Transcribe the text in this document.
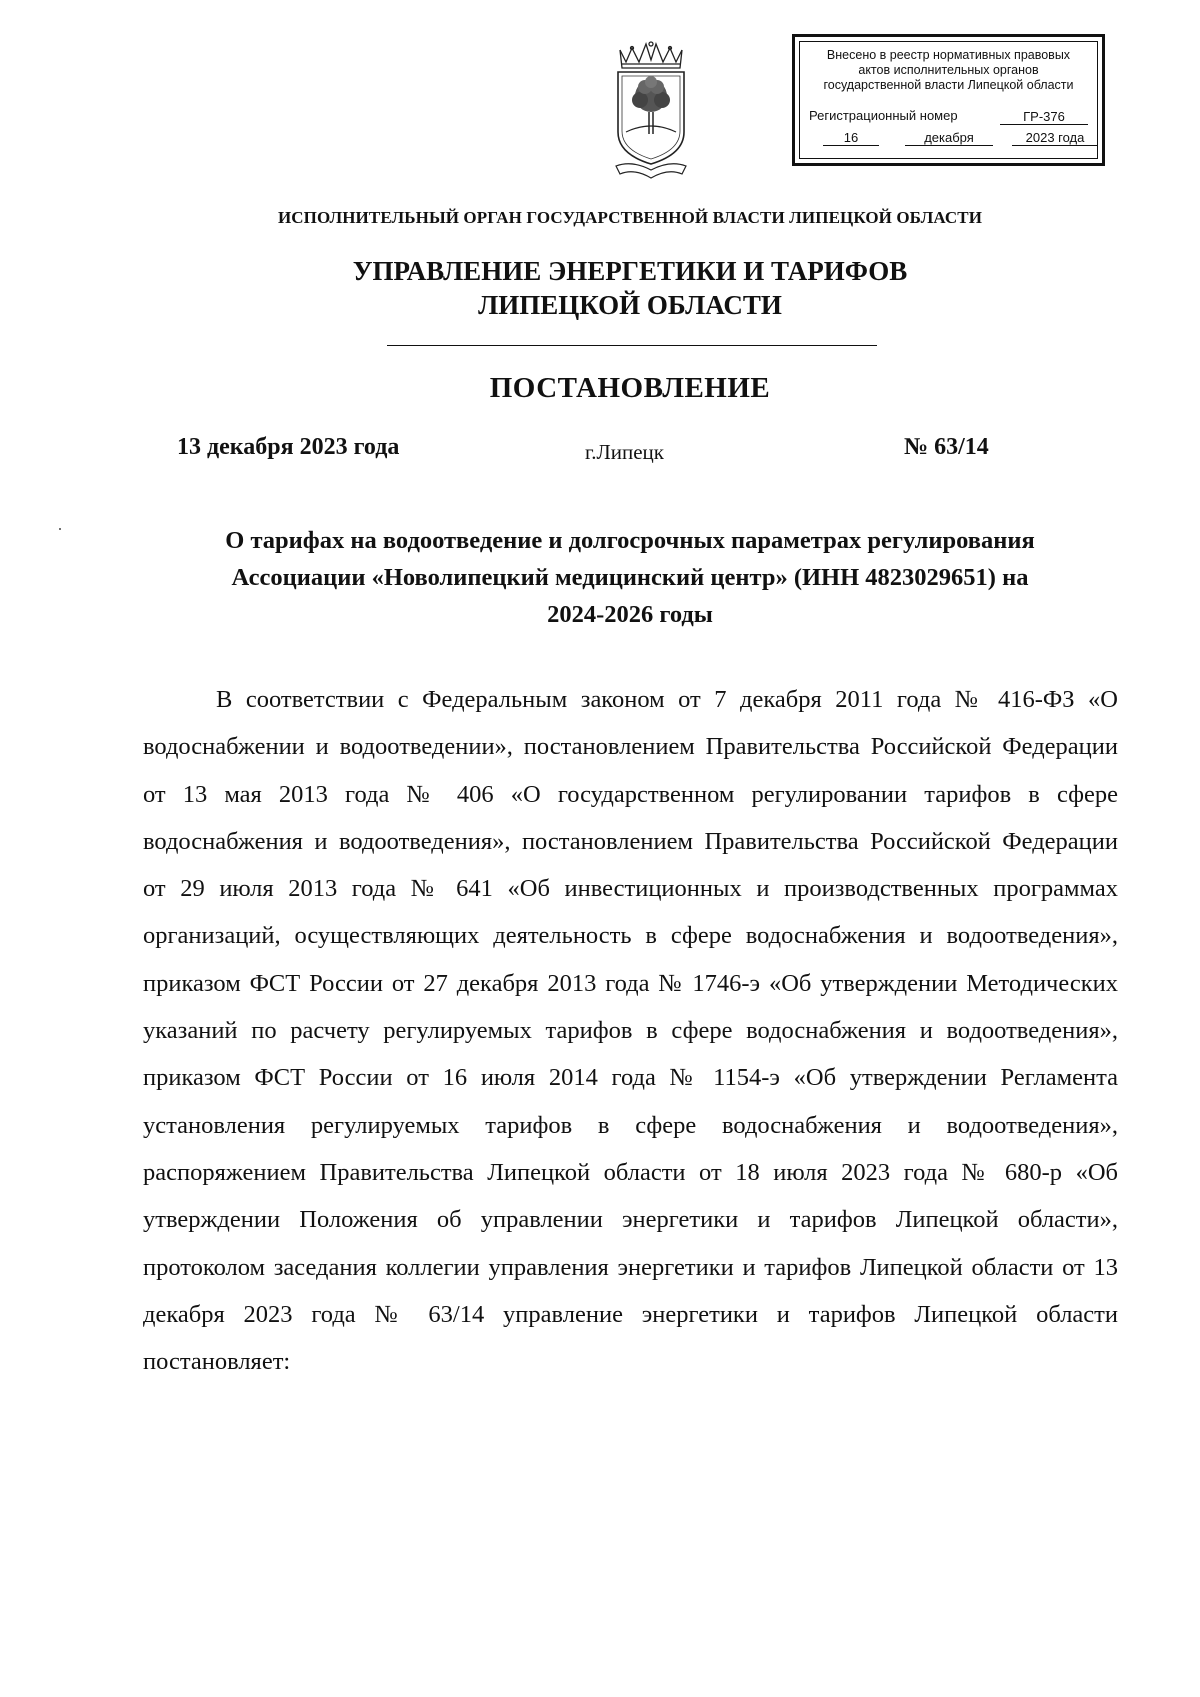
Внесено в реестр нормативных правовых
актов исполнительных органов
государственной власти Липецкой области
Регистрационный номер	ГР-376
16	декабря	2023 года
ИСПОЛНИТЕЛЬНЫЙ ОРГАН ГОСУДАРСТВЕННОЙ ВЛАСТИ ЛИПЕЦКОЙ ОБЛАСТИ
УПРАВЛЕНИЕ ЭНЕРГЕТИКИ И ТАРИФОВ
ЛИПЕЦКОЙ ОБЛАСТИ
ПОСТАНОВЛЕНИЕ
13 декабря 2023 года	г.Липецк	№ 63/14
О тарифах на водоотведение и долгосрочных параметрах регулирования
Ассоциации «Новолипецкий медицинский центр» (ИНН 4823029651) на
2024-2026 годы
В соответствии с Федеральным законом от 7 декабря 2011 года № 416-ФЗ «О водоснабжении и водоотведении», постановлением Правительства Российской Федерации от 13 мая 2013 года № 406 «О государственном регулировании тарифов в сфере водоснабжения и водоотведения», постановлением Правительства Российской Федерации от 29 июля 2013 года № 641 «Об инвестиционных и производственных программах организаций, осуществляющих деятельность в сфере водоснабжения и водоотведения», приказом ФСТ России от 27 декабря 2013 года № 1746-э «Об утверждении Методических указаний по расчету регулируемых тарифов в сфере водоснабжения и водоотведения», приказом ФСТ России от 16 июля 2014 года № 1154-э «Об утверждении Регламента установления регулируемых тарифов в сфере водоснабжения и водоотведения», распоряжением Правительства Липецкой области от 18 июля 2023 года № 680-р «Об утверждении Положения об управлении энергетики и тарифов Липецкой области», протоколом заседания коллегии управления энергетики и тарифов Липецкой области от 13 декабря 2023 года № 63/14 управление энергетики и тарифов Липецкой области постановляет:
